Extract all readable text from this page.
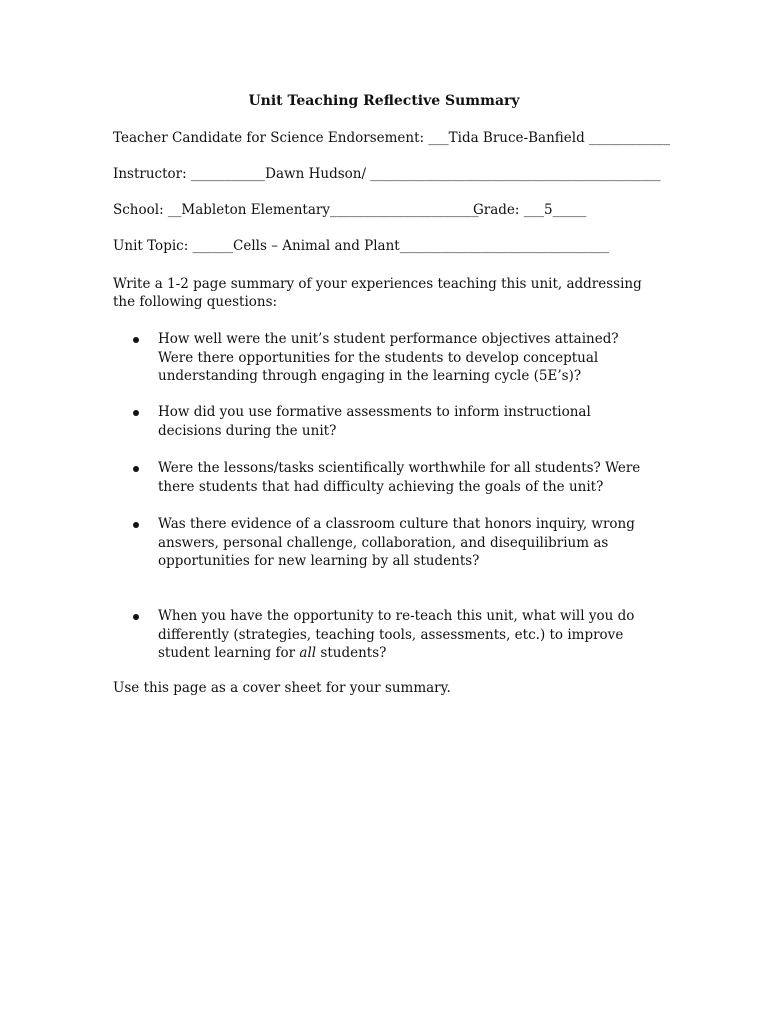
Unit Teaching Reflective Summary
Teacher Candidate for Science Endorsement: ___Tida Bruce-Banfield ____________
Instructor: ___________Dawn Hudson/ ___________________________________________
School: __Mableton Elementary______________________
Grade: ___5_____
Unit Topic: ______Cells – Animal and Plant_______________________________
Write a 1-2 page summary of your experiences teaching this unit, addressing the following questions:
How well were the unit’s student performance objectives attained? Were there opportunities for the students to develop conceptual understanding through engaging in the learning cycle (5E’s)?
How did you use formative assessments to inform instructional decisions during the unit?
Were the lessons/tasks scientifically worthwhile for all students? Were there students that had difficulty achieving the goals of the unit?
Was there evidence of a classroom culture that honors inquiry, wrong answers, personal challenge, collaboration, and disequilibrium as opportunities for new learning by all students?
When you have the opportunity to re-teach this unit, what will you do differently (strategies, teaching tools, assessments, etc.) to improve student learning for all students?
Use this page as a cover sheet for your summary.
